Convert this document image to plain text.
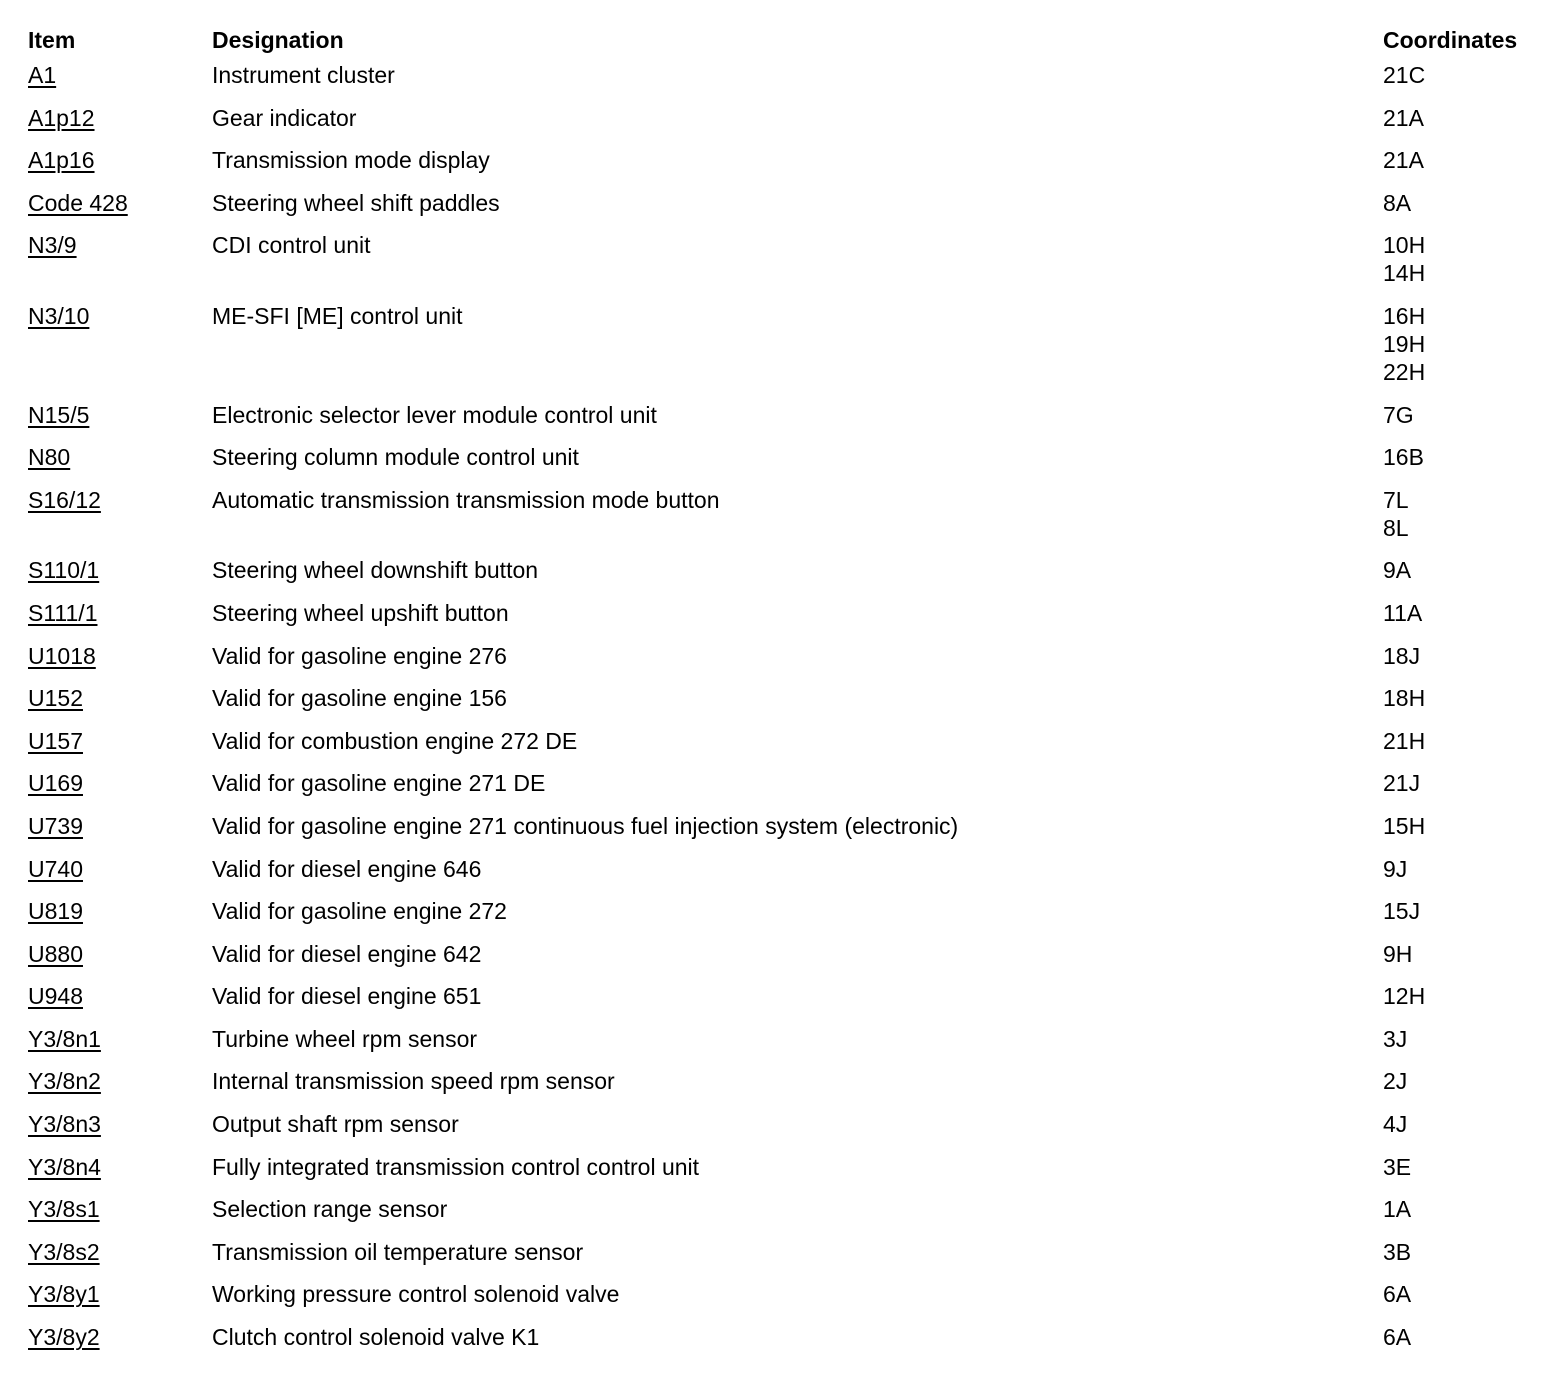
Item	Designation	Coordinates
A1	Instrument cluster	21C

A1p12	Gear indicator	21A

A1p16	Transmission mode display	21A

Code 428	Steering wheel shift paddles	8A

N3/9	CDI control unit	10H
14H

N3/10	ME-SFI [ME] control unit	16H
19H
22H

N15/5	Electronic selector lever module control unit	7G

N80	Steering column module control unit	16B

S16/12	Automatic transmission transmission mode button	7L
8L

S110/1	Steering wheel downshift button	9A

S111/1	Steering wheel upshift button	11A

U1018	Valid for gasoline engine 276	18J

U152	Valid for gasoline engine 156	18H

U157	Valid for combustion engine 272 DE	21H

U169	Valid for gasoline engine 271 DE	21J

U739	Valid for gasoline engine 271 continuous fuel injection system (electronic)	15H

U740	Valid for diesel engine 646	9J

U819	Valid for gasoline engine 272	15J

U880	Valid for diesel engine 642	9H

U948	Valid for diesel engine 651	12H

Y3/8n1	Turbine wheel rpm sensor	3J

Y3/8n2	Internal transmission speed rpm sensor	2J

Y3/8n3	Output shaft rpm sensor	4J

Y3/8n4	Fully integrated transmission control control unit	3E

Y3/8s1	Selection range sensor	1A

Y3/8s2	Transmission oil temperature sensor	3B

Y3/8y1	Working pressure control solenoid valve	6A

Y3/8y2	Clutch control solenoid valve K1	6A
